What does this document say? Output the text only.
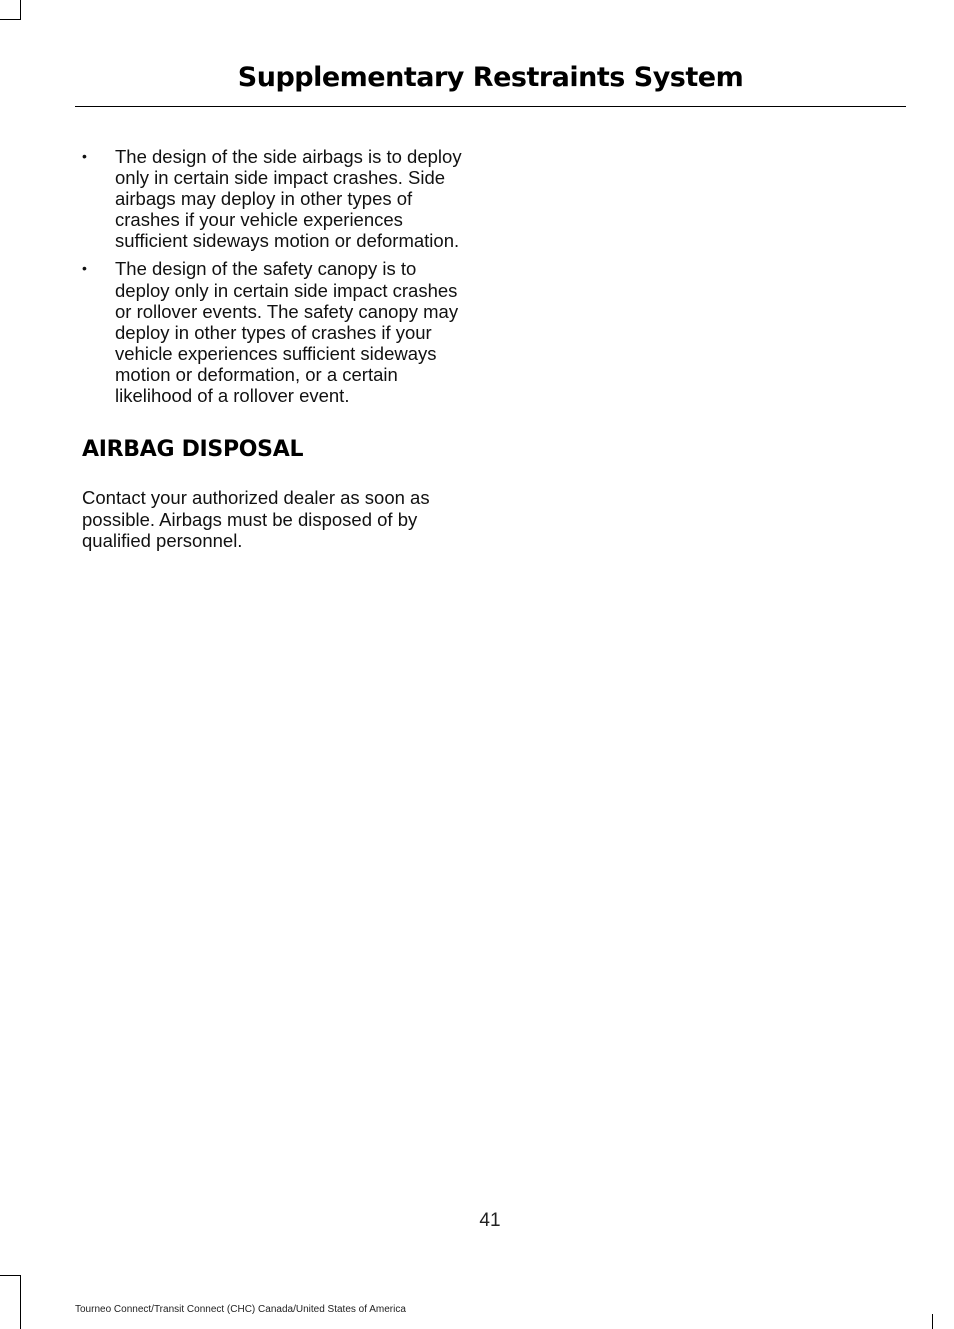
Supplementary Restraints System
• The design of the side airbags is to deploy only in certain side impact crashes. Side airbags may deploy in other types of crashes if your vehicle experiences sufficient sideways motion or deformation.
• The design of the safety canopy is to deploy only in certain side impact crashes or rollover events. The safety canopy may deploy in other types of crashes if your vehicle experiences sufficient sideways motion or deformation, or a certain likelihood of a rollover event.
AIRBAG DISPOSAL

Contact your authorized dealer as soon as possible. Airbags must be disposed of by qualified personnel.

41
Tourneo Connect/Transit Connect (CHC) Canada/United States of America
